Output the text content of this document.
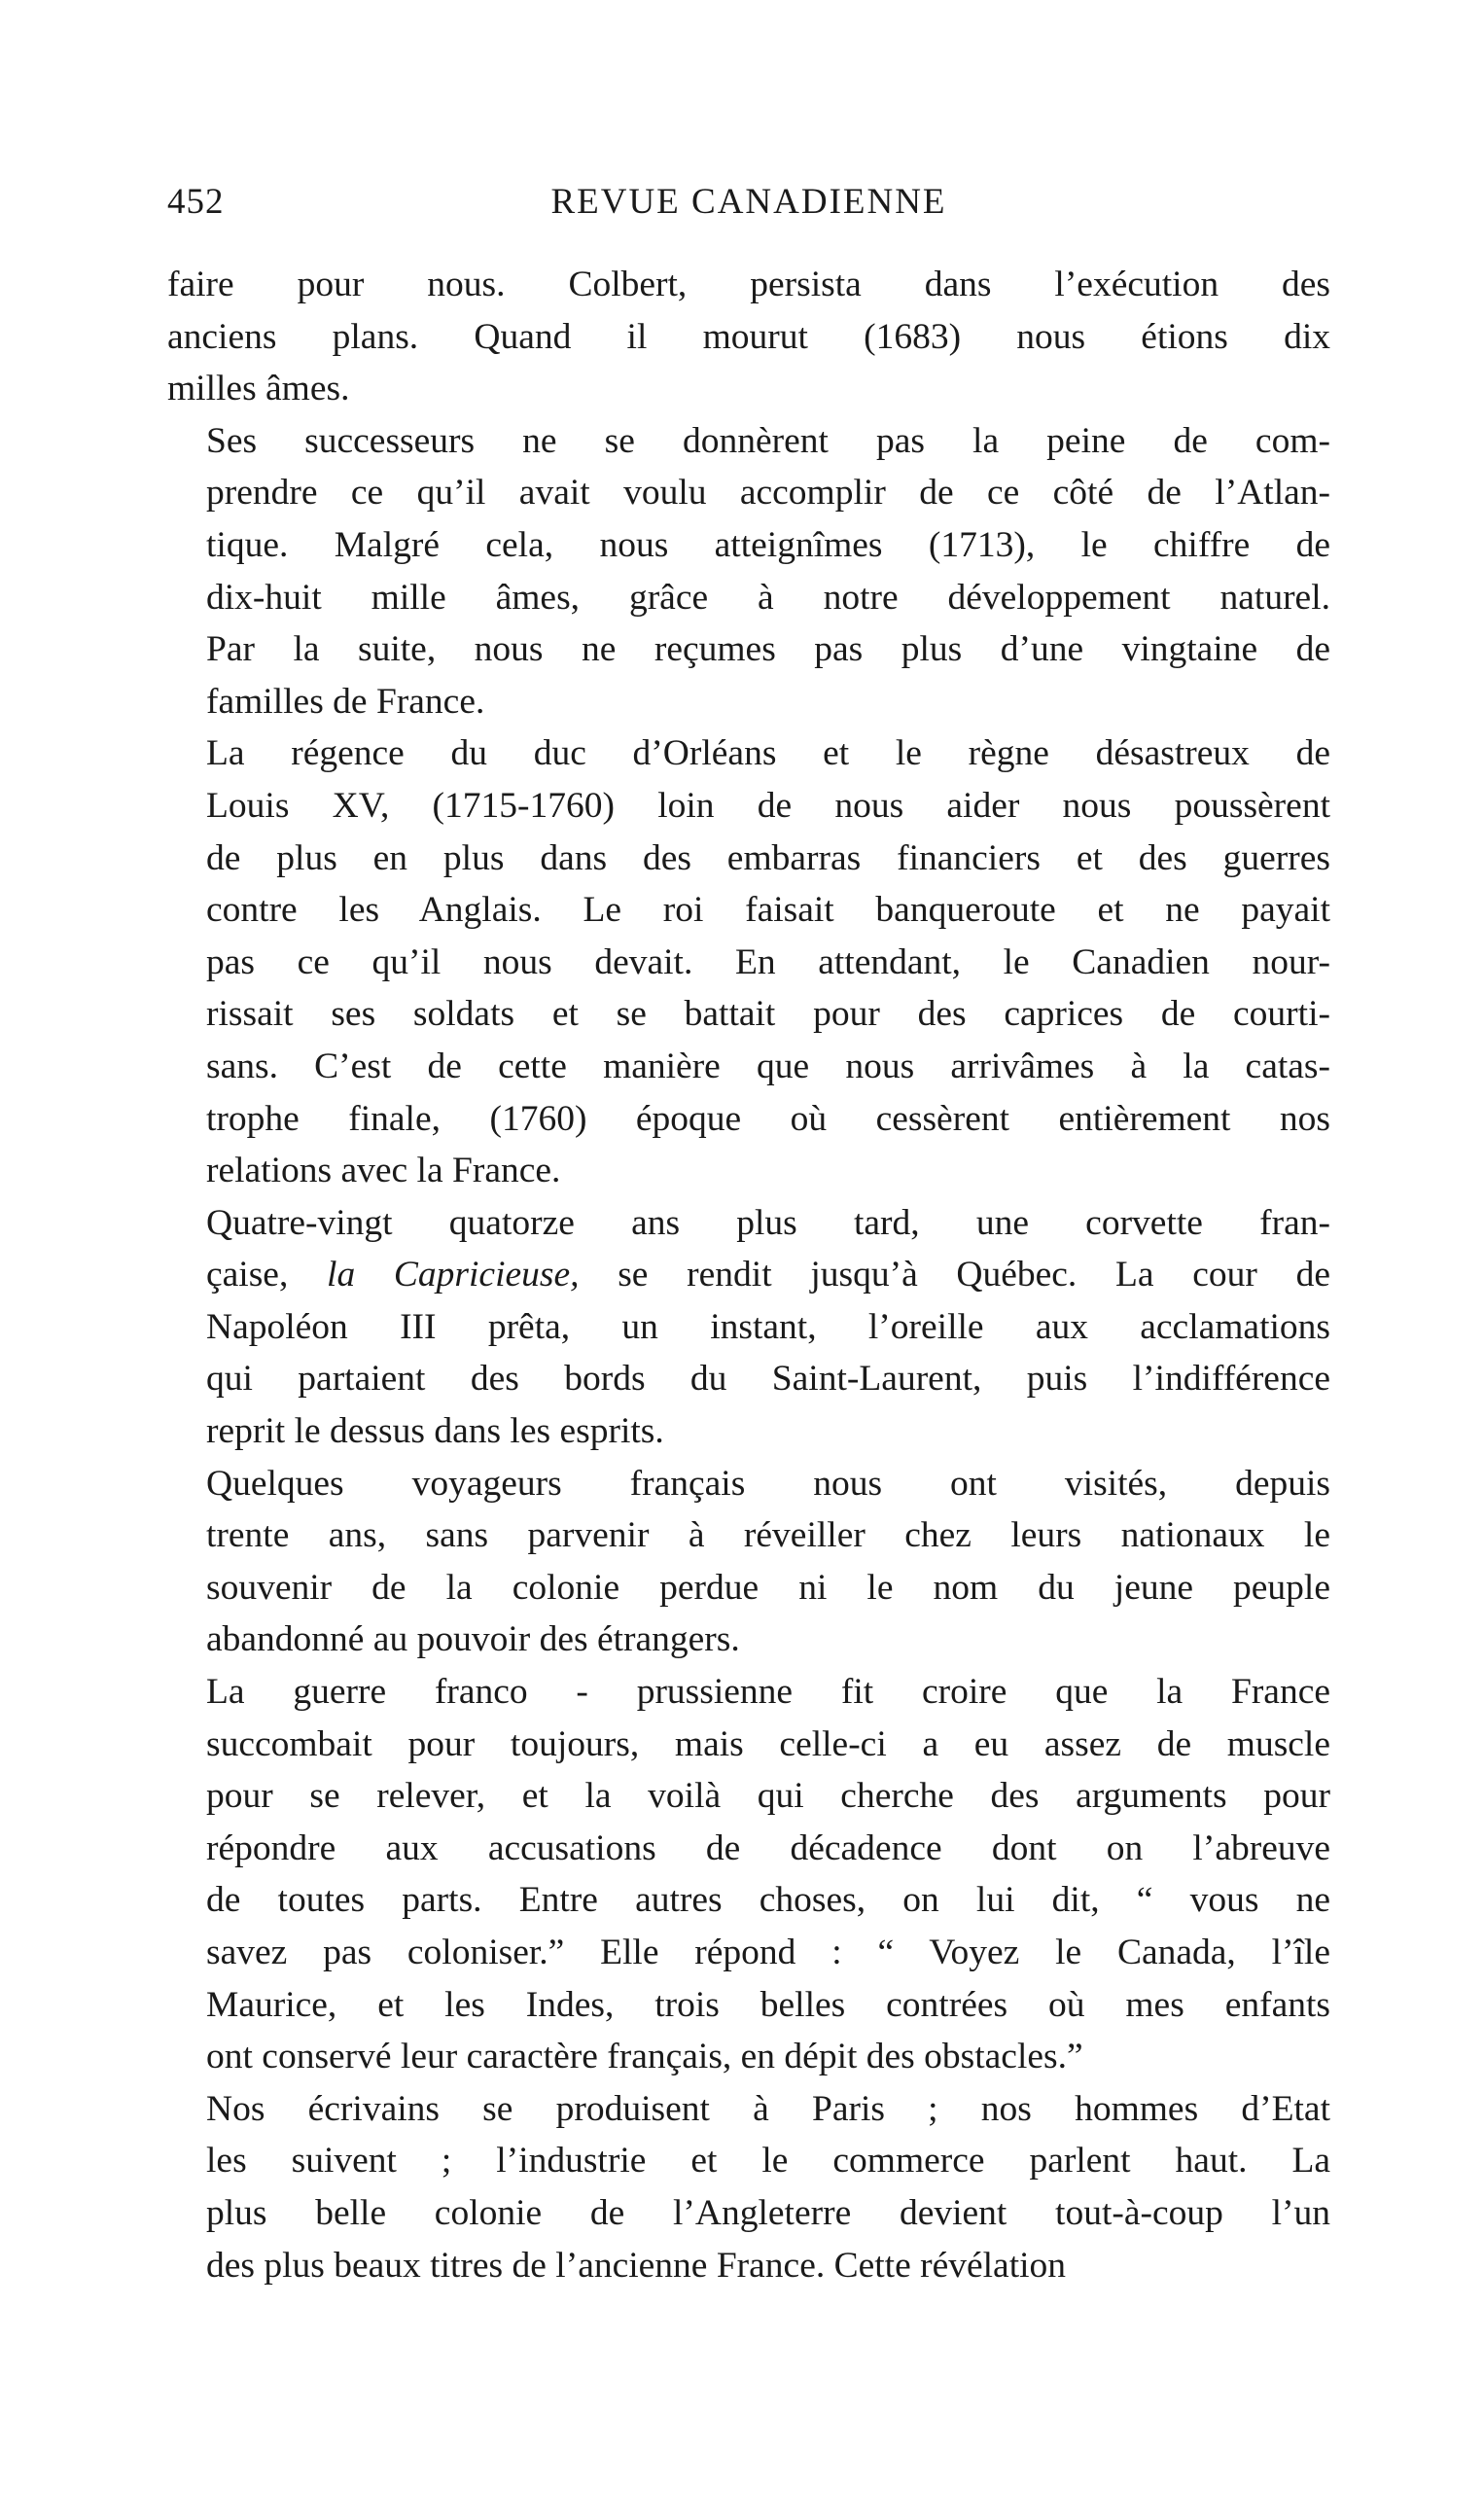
452	REVUE CANADIENNE

faire pour nous. Colbert, persista dans l’exécution des
anciens plans. Quand il mourut (1683) nous étions dix
milles âmes.

Ses successeurs ne se donnèrent pas la peine de com-
prendre ce qu’il avait voulu accomplir de ce côté de l’Atlan-
tique. Malgré cela, nous atteignîmes (1713), le chiffre de
dix-huit mille âmes, grâce à notre développement naturel.
Par la suite, nous ne reçumes pas plus d’une vingtaine de
familles de France.

La régence du duc d’Orléans et le règne désastreux de
Louis XV, (1715-1760) loin de nous aider nous poussèrent
de plus en plus dans des embarras financiers et des guerres
contre les Anglais. Le roi faisait banqueroute et ne payait
pas ce qu’il nous devait. En attendant, le Canadien nour-
rissait ses soldats et se battait pour des caprices de courti-
sans. C’est de cette manière que nous arrivâmes à la catas-
trophe finale, (1760) époque où cessèrent entièrement nos
relations avec la France.

Quatre-vingt quatorze ans plus tard, une corvette fran-
çaise, la Capricieuse, se rendit jusqu’à Québec. La cour de
Napoléon III prêta, un instant, l’oreille aux acclamations
qui partaient des bords du Saint-Laurent, puis l’indifférence
reprit le dessus dans les esprits.

Quelques voyageurs français nous ont visités, depuis
trente ans, sans parvenir à réveiller chez leurs nationaux le
souvenir de la colonie perdue ni le nom du jeune peuple
abandonné au pouvoir des étrangers.

La guerre franco - prussienne fit croire que la France
succombait pour toujours, mais celle-ci a eu assez de muscle
pour se relever, et la voilà qui cherche des arguments pour
répondre aux accusations de décadence dont on l’abreuve
de toutes parts. Entre autres choses, on lui dit, “ vous ne
savez pas coloniser.” Elle répond : “ Voyez le Canada, l’île
Maurice, et les Indes, trois belles contrées où mes enfants
ont conservé leur caractère français, en dépit des obstacles.”

Nos écrivains se produisent à Paris ; nos hommes d’Etat
les suivent ; l’industrie et le commerce parlent haut. La
plus belle colonie de l’Angleterre devient tout-à-coup l’un
des plus beaux titres de l’ancienne France. Cette révélation
